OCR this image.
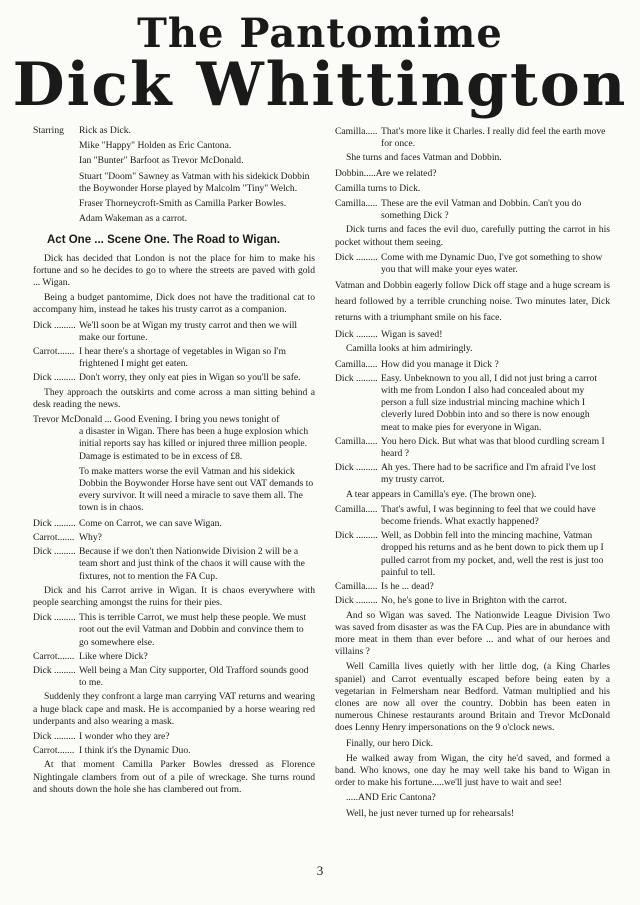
The Pantomime
Dick Whittington
Starring	Rick as Dick.
Mike "Happy" Holden as Eric Cantona.
Ian "Bunter" Barfoot as Trevor McDonald.
Stuart "Doom" Sawney as Vatman with his sidekick Dobbin the Boywonder Horse played by Malcolm "Tiny" Welch.
Fraser Thorneycroft-Smith as Camilla Parker Bowles.
Adam Wakeman as a carrot.
Act One ... Scene One. The Road to Wigan.

Dick has decided that London is not the place for him to make his fortune and so he decides to go to where the streets are paved with gold ... Wigan.

Being a budget pantomime, Dick does not have the traditional cat to accompany him, instead he takes his trusty carrot as a companion.

Dick ......... We'll soon be at Wigan my trusty carrot and then we will make our fortune.
Carrot....... I hear there's a shortage of vegetables in Wigan so I'm frightened I might get eaten.
Dick ......... Don't worry, they only eat pies in Wigan so you'll be safe.

They approach the outskirts and come across a man sitting behind a desk reading the news.

Trevor McDonald ... Good Evening. I bring you news tonight of

a disaster in Wigan. There has been a huge explosion which initial reports say has killed or injured three million people. Damage is estimated to be in excess of £8.

To make matters worse the evil Vatman and his sidekick Dobbin the Boywonder Horse have sent out VAT demands to every survivor. It will need a miracle to save them all. The town is in chaos.

Dick ......... Come on Carrot, we can save Wigan.
Carrot....... Why?
Dick ......... Because if we don't then Nationwide Division 2 will be a team short and just think of the chaos it will cause with the fixtures, not to mention the FA Cup.

Dick and his Carrot arrive in Wigan. It is chaos everywhere with people searching amongst the ruins for their pies.

Dick ......... This is terrible Carrot, we must help these people. We must root out the evil Vatman and Dobbin and convince them to go somewhere else.
Carrot....... Like where Dick?
Dick ......... Well being a Man City supporter, Old Trafford sounds good to me.

Suddenly they confront a large man carrying VAT returns and wearing a huge black cape and mask. He is accompanied by a horse wearing red underpants and also wearing a mask.

Dick ......... I wonder who they are?
Carrot....... I think it's the Dynamic Duo.

At that moment Camilla Parker Bowles dressed as Florence Nightingale clambers from out of a pile of wreckage. She turns round and shouts down the hole she has clambered out from.

Camilla..... That's more like it Charles. I really did feel the earth move for once.

She turns and faces Vatman and Dobbin.

Dobbin.....Are we related?

Camilla turns to Dick.

Camilla..... These are the evil Vatman and Dobbin. Can't you do something Dick ?

Dick turns and faces the evil duo, carefully putting the carrot in his pocket without them seeing.

Dick ......... Come with me Dynamic Duo, I've got something to show you that will make your eyes water.

Vatman and Dobbin eagerly follow Dick off stage and a huge scream is heard followed by a terrible crunching noise. Two minutes later, Dick returns with a triumphant smile on his face.

Dick ......... Wigan is saved!

Camilla looks at him admiringly.

Camilla..... How did you manage it Dick ?
Dick ......... Easy. Unbeknown to you all, I did not just bring a carrot with me from London I also had concealed about my person a full size industrial mincing machine which I cleverly lured Dobbin into and so there is now enough meat to make pies for everyone in Wigan.
Camilla..... You hero Dick. But what was that blood curdling scream I heard ?
Dick ......... Ah yes. There had to be sacrifice and I'm afraid I've lost my trusty carrot.

A tear appears in Camilla's eye. (The brown one).

Camilla..... That's awful, I was beginning to feel that we could have become friends. What exactly happened?
Dick ......... Well, as Dobbin fell into the mincing machine, Vatman dropped his returns and as he bent down to pick them up I pulled carrot from my pocket, and, well the rest is just too painful to tell.
Camilla..... Is he ... dead?
Dick ......... No, he's gone to live in Brighton with the carrot.

And so Wigan was saved. The Nationwide League Division Two was saved from disaster as was the FA Cup. Pies are in abundance with more meat in them than ever before ... and what of our heroes and villains ?

Well Camilla lives quietly with her little dog, (a King Charles spaniel) and Carrot eventually escaped before being eaten by a vegetarian in Felmersham near Bedford. Vatman multiplied and his clones are now all over the country. Dobbin has been eaten in numerous Chinese restaurants around Britain and Trevor McDonald does Lenny Henry impersonations on the 9 o'clock news.

Finally, our hero Dick.

He walked away from Wigan, the city he'd saved, and formed a band. Who knows, one day he may well take his band to Wigan in order to make his fortune.....we'll just have to wait and see!

.....AND Eric Cantona?

Well, he just never turned up for rehearsals!

3
